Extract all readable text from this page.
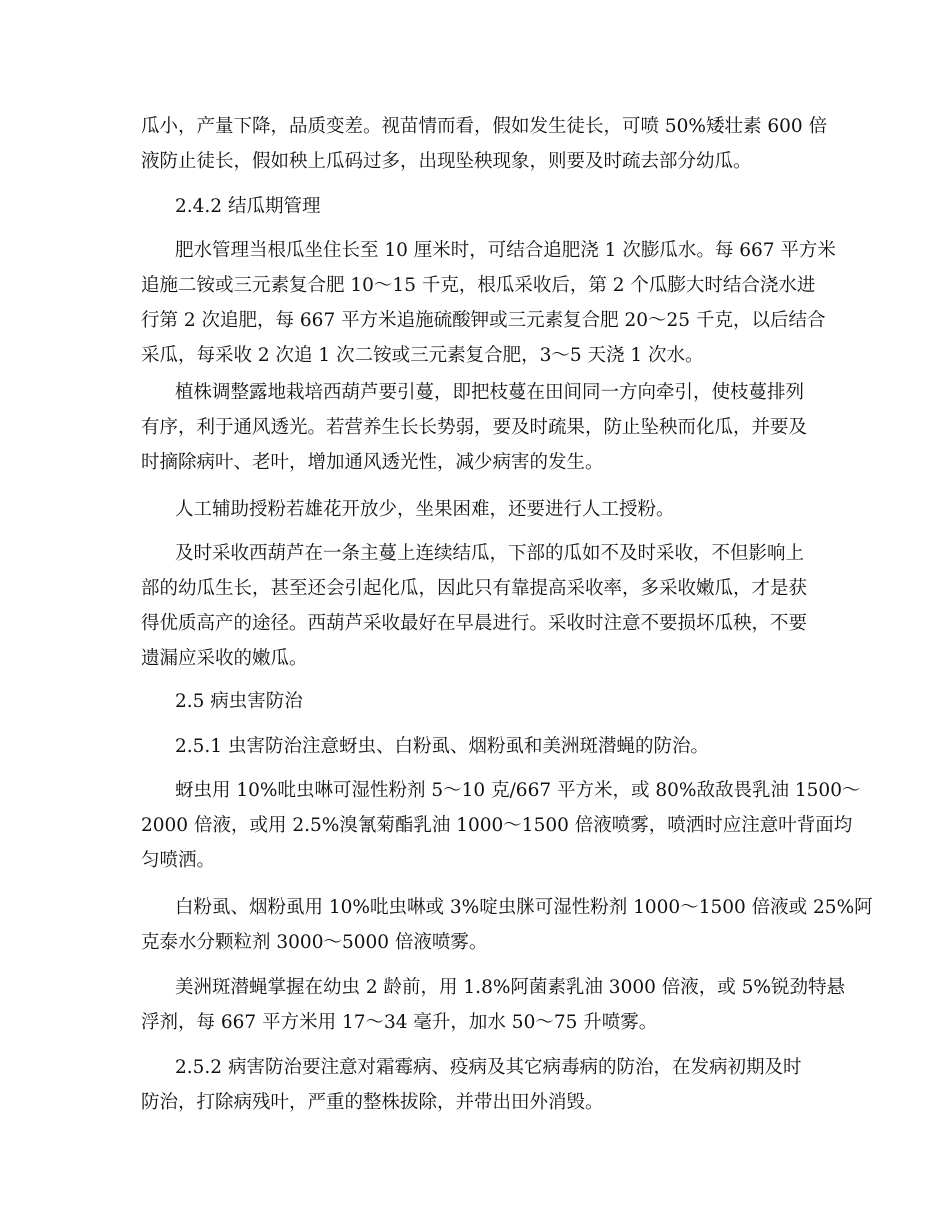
瓜小，产量下降，品质变差。视苗情而看，假如发生徒长，可喷 50%矮壮素 600 倍
液防止徒长，假如秧上瓜码过多，出现坠秧现象，则要及时疏去部分幼瓜。

2.4.2 结瓜期管理

肥水管理当根瓜坐住长至 10 厘米时，可结合追肥浇 1 次膨瓜水。每 667 平方米
追施二铵或三元素复合肥 10～15 千克，根瓜采收后，第 2 个瓜膨大时结合浇水进
行第 2 次追肥，每 667 平方米追施硫酸钾或三元素复合肥 20～25 千克，以后结合
采瓜，每采收 2 次追 1 次二铵或三元素复合肥，3～5 天浇 1 次水。

植株调整露地栽培西葫芦要引蔓，即把枝蔓在田间同一方向牵引，使枝蔓排列
有序，利于通风透光。若营养生长长势弱，要及时疏果，防止坠秧而化瓜，并要及
时摘除病叶、老叶，增加通风透光性，减少病害的发生。

人工辅助授粉若雄花开放少，坐果困难，还要进行人工授粉。

及时采收西葫芦在一条主蔓上连续结瓜，下部的瓜如不及时采收，不但影响上
部的幼瓜生长，甚至还会引起化瓜，因此只有靠提高采收率，多采收嫩瓜，才是获
得优质高产的途径。西葫芦采收最好在早晨进行。采收时注意不要损坏瓜秧，不要
遗漏应采收的嫩瓜。

2.5 病虫害防治

2.5.1 虫害防治注意蚜虫、白粉虱、烟粉虱和美洲斑潜蝇的防治。

蚜虫用 10%吡虫啉可湿性粉剂 5～10 克/667 平方米，或 80%敌敌畏乳油 1500～
2000 倍液，或用 2.5%溴氰菊酯乳油 1000～1500 倍液喷雾，喷洒时应注意叶背面均
匀喷洒。

白粉虱、烟粉虱用 10%吡虫啉或 3%啶虫脒可湿性粉剂 1000～1500 倍液或 25%阿
克泰水分颗粒剂 3000～5000 倍液喷雾。

美洲斑潜蝇掌握在幼虫 2 龄前，用 1.8%阿菌素乳油 3000 倍液，或 5%锐劲特悬
浮剂，每 667 平方米用 17～34 毫升，加水 50～75 升喷雾。

2.5.2 病害防治要注意对霜霉病、疫病及其它病毒病的防治，在发病初期及时
防治，打除病残叶，严重的整株拔除，并带出田外消毁。
